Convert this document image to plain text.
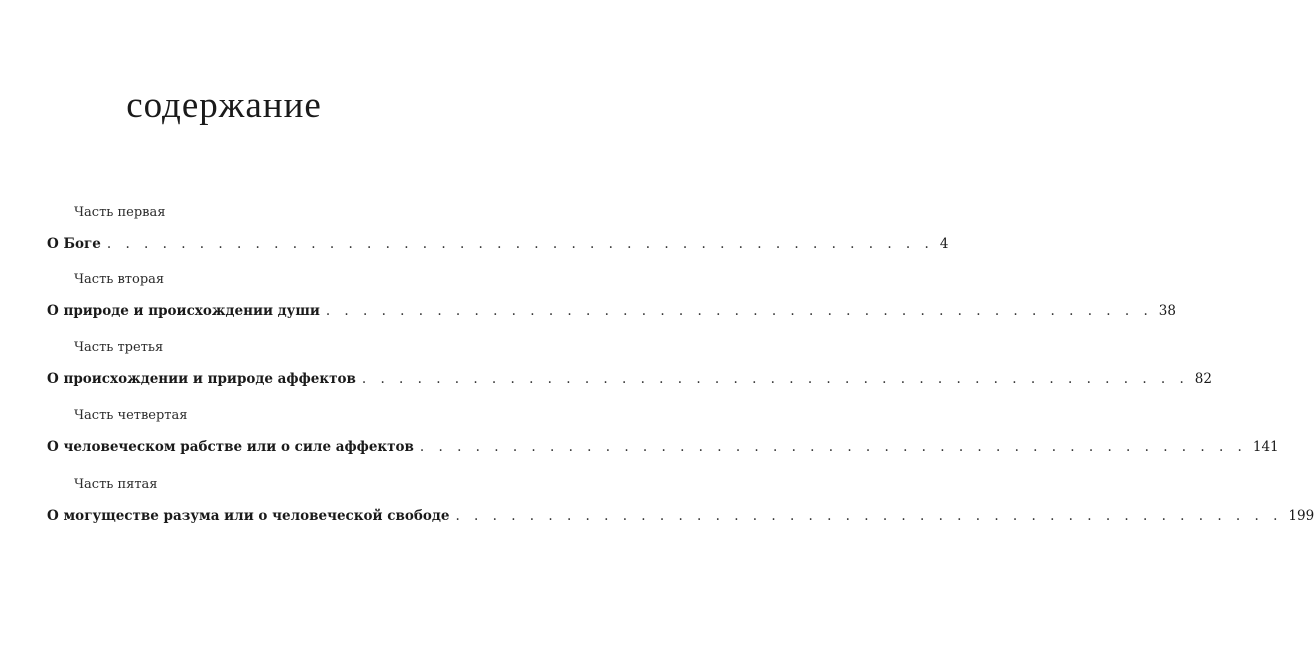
содержание
Часть первая
О Боге . . . . . . . . . . . . . . . . . . . . . . . . . . . . . . . . . . . . . . . . . . . . . 4
Часть вторая
О природе и происхождении души . . . . . . . . . . . . . . . . . . . . . . . . . . . . . . . . . . . . . . . . . . . . . 38
Часть третья
О происхождении и природе аффектов . . . . . . . . . . . . . . . . . . . . . . . . . . . . . . . . . . . . . . . . . . . . . 82
Часть четвертая
О человеческом рабстве или о силе аффектов . . . . . . . . . . . . . . . . . . . . . . . . . . . . . . . . . . . . . . . . . . . . . 141
Часть пятая
О могуществе разума или о человеческой свободе . . . . . . . . . . . . . . . . . . . . . . . . . . . . . . . . . . . . . . . . . . . . . 199
